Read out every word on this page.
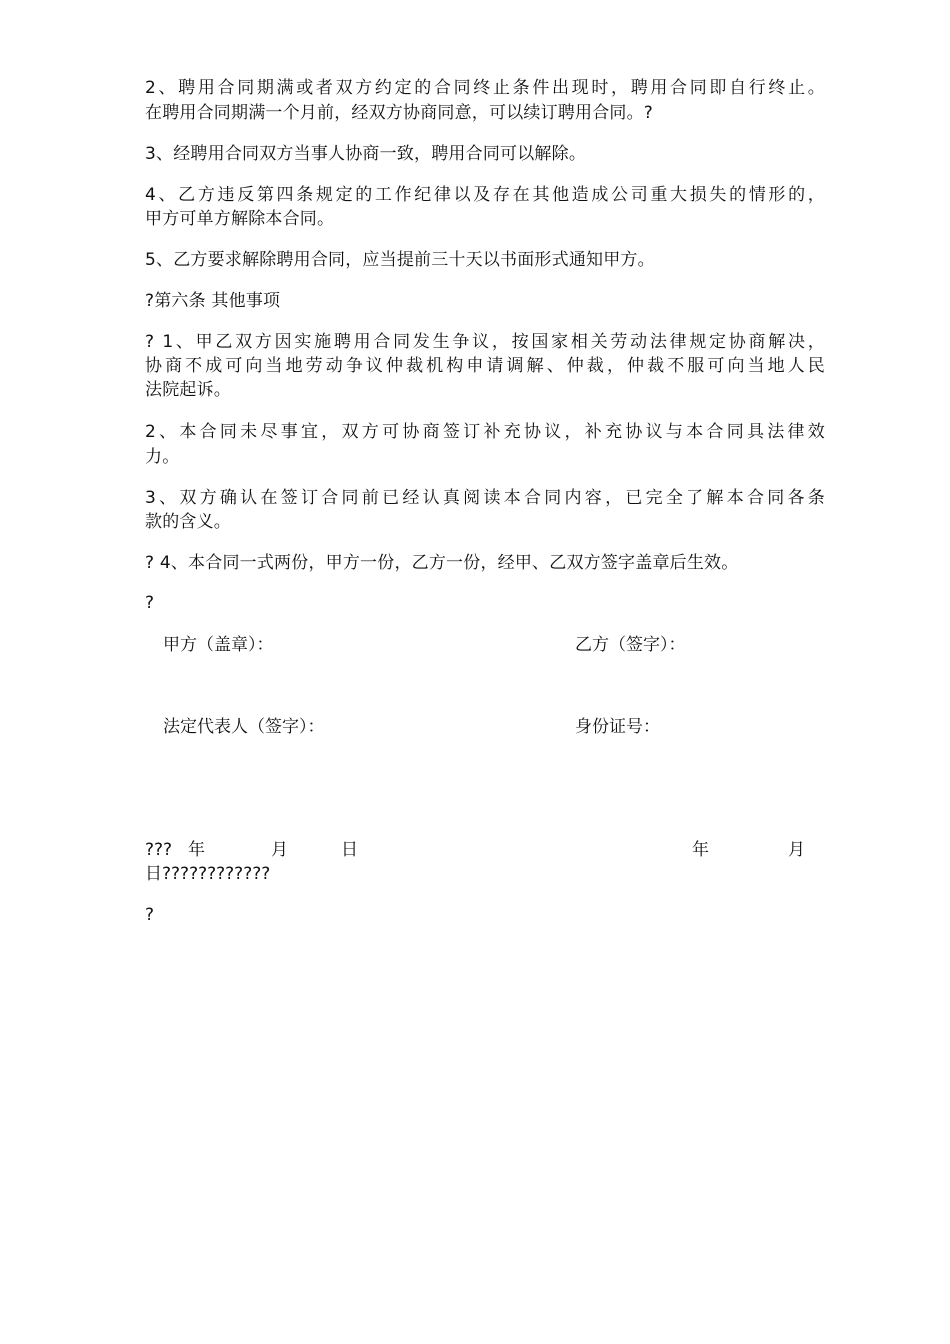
2、聘用合同期满或者双方约定的合同终止条件出现时，聘用合同即自行终止。
在聘用合同期满一个月前，经双方协商同意，可以续订聘用合同。?
3、经聘用合同双方当事人协商一致，聘用合同可以解除。
4、乙方违反第四条规定的工作纪律以及存在其他造成公司重大损失的情形的，
甲方可单方解除本合同。
5、乙方要求解除聘用合同，应当提前三十天以书面形式通知甲方。
?第六条 其他事项
? 1、甲乙双方因实施聘用合同发生争议，按国家相关劳动法律规定协商解决，
协商不成可向当地劳动争议仲裁机构申请调解、仲裁，仲裁不服可向当地人民
法院起诉。
2、本合同未尽事宜，双方可协商签订补充协议，补充协议与本合同具法律效
力。
3、双方确认在签订合同前已经认真阅读本合同内容，已完全了解本合同各条
款的含义。
? 4、本合同一式两份，甲方一份，乙方一份，经甲、乙双方签字盖章后生效。
?
甲方（盖章）：	乙方（签字）：
法定代表人（签字）：	身份证号：
??? 年	月	日	年	月
日????????????
?
